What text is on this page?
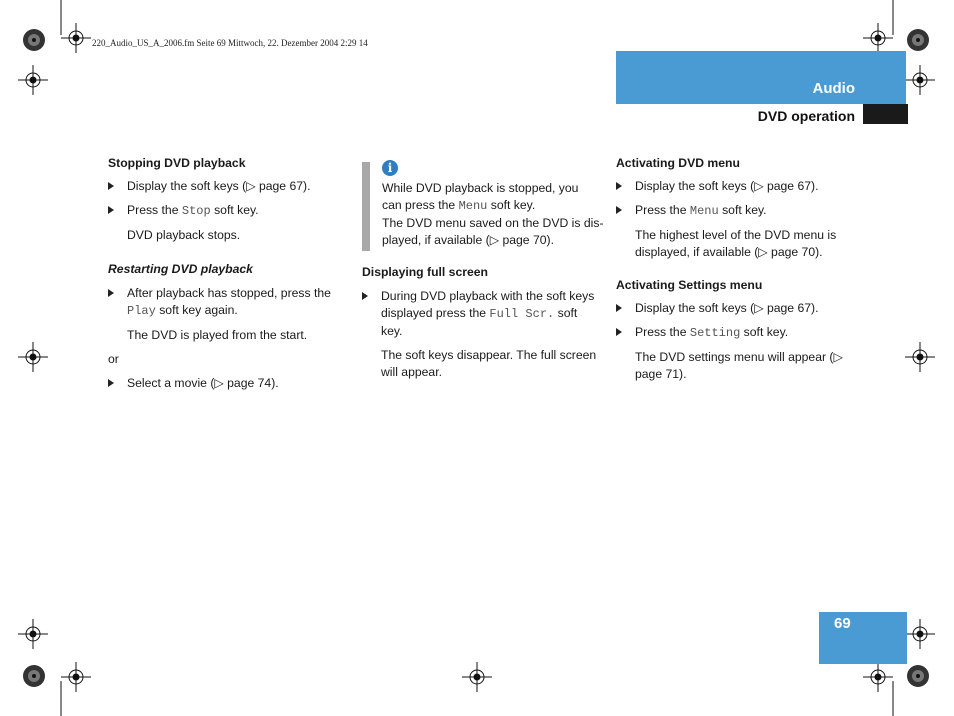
220_Audio_US_A_2006.fm Seite 69 Mittwoch, 22. Dezember 2004 2:29 14
Audio
DVD operation

Stopping DVD playback

Display the soft keys (▷ page 67).

Press the Stop soft key.

DVD playback stops.

Restarting DVD playback

After playback has stopped, press the Play soft key again.

The DVD is played from the start.

or

Select a movie (▷ page 74).

i

While DVD playback is stopped, you

can press the Menu soft key.

The DVD menu saved on the DVD is dis-

played, if available (▷ page 70).

Displaying full screen

During DVD playback with the soft keys displayed press the Full Scr. soft key.

The soft keys disappear. The full screen will appear.

Activating DVD menu

Display the soft keys (▷ page 67).

Press the Menu soft key.

The highest level of the DVD menu is displayed, if available (▷ page 70).

Activating Settings menu

Display the soft keys (▷ page 67).

Press the Setting soft key.

The DVD settings menu will appear (▷ page 71).

69
